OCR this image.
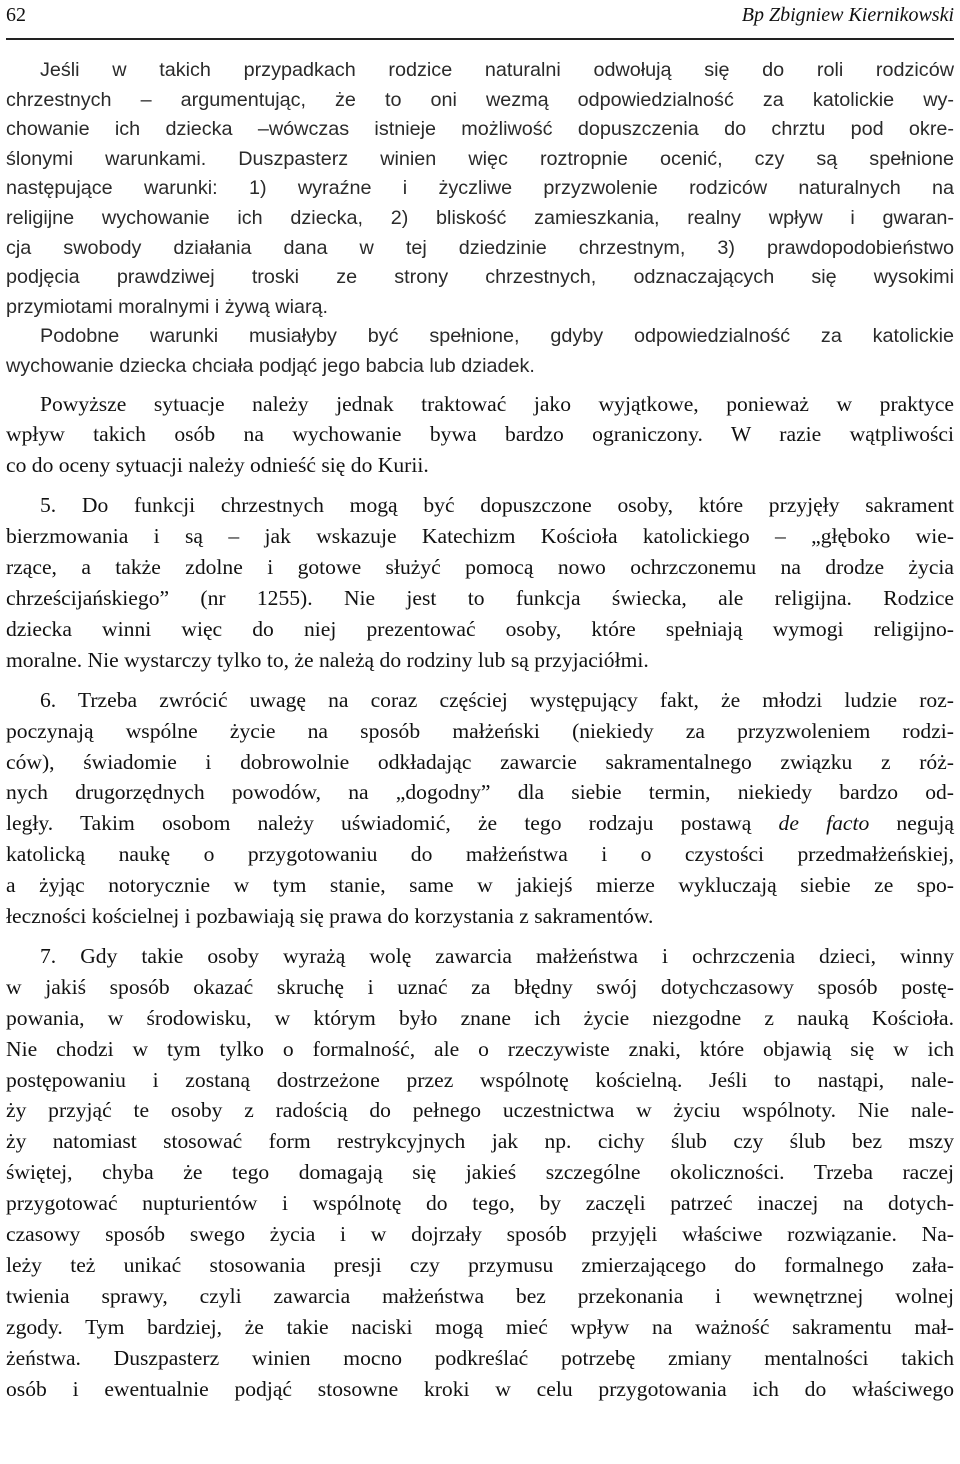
62	Bp Zbigniew Kiernikowski
Jeśli w takich przypadkach rodzice naturalni odwołują się do roli rodziców
chrzestnych – argumentując, że to oni wezmą odpowiedzialność za katolickie wy-
chowanie ich dziecka –wówczas istnieje możliwość dopuszczenia do chrztu pod okre-
ślonymi warunkami. Duszpasterz winien więc roztropnie ocenić, czy są spełnione
następujące warunki: 1) wyraźne i życzliwe przyzwolenie rodziców naturalnych na
religijne wychowanie ich dziecka, 2) bliskość zamieszkania, realny wpływ i gwaran-
cja swobody działania dana w tej dziedzinie chrzestnym, 3) prawdopodobieństwo
podjęcia prawdziwej troski ze strony chrzestnych, odznaczających się wysokimi
przymiotami moralnymi i żywą wiarą.
Podobne warunki musiałyby być spełnione, gdyby odpowiedzialność za katolickie
wychowanie dziecka chciała podjąć jego babcia lub dziadek.
Powyższe sytuacje należy jednak traktować jako wyjątkowe, ponieważ w praktyce
wpływ takich osób na wychowanie bywa bardzo ograniczony. W razie wątpliwości
co do oceny sytuacji należy odnieść się do Kurii.
5. Do funkcji chrzestnych mogą być dopuszczone osoby, które przyjęły sakrament
bierzmowania i są – jak wskazuje Katechizm Kościoła katolickiego – „głęboko wie-
rzące, a także zdolne i gotowe służyć pomocą nowo ochrzczonemu na drodze życia
chrześcijańskiego” (nr 1255). Nie jest to funkcja świecka, ale religijna. Rodzice
dziecka winni więc do niej prezentować osoby, które spełniają wymogi religijno-
moralne. Nie wystarczy tylko to, że należą do rodziny lub są przyjaciółmi.
6. Trzeba zwrócić uwagę na coraz częściej występujący fakt, że młodzi ludzie roz-
poczynają wspólne życie na sposób małżeński (niekiedy za przyzwoleniem rodzi-
ców), świadomie i dobrowolnie odkładając zawarcie sakramentalnego związku z róż-
nych drugorzędnych powodów, na „dogodny” dla siebie termin, niekiedy bardzo od-
legły. Takim osobom należy uświadomić, że tego rodzaju postawą de facto negują
katolicką naukę o przygotowaniu do małżeństwa i o czystości przedmałżeńskiej,
a żyjąc notorycznie w tym stanie, same w jakiejś mierze wykluczają siebie ze spo-
łeczności kościelnej i pozbawiają się prawa do korzystania z sakramentów.
7. Gdy takie osoby wyrażą wolę zawarcia małżeństwa i ochrzczenia dzieci, winny
w jakiś sposób okazać skruchę i uznać za błędny swój dotychczasowy sposób postę-
powania, w środowisku, w którym było znane ich życie niezgodne z nauką Kościoła.
Nie chodzi w tym tylko o formalność, ale o rzeczywiste znaki, które objawią się w ich
postępowaniu i zostaną dostrzeżone przez wspólnotę kościelną. Jeśli to nastąpi, nale-
ży przyjąć te osoby z radością do pełnego uczestnictwa w życiu wspólnoty. Nie nale-
ży natomiast stosować form restrykcyjnych jak np. cichy ślub czy ślub bez mszy
świętej, chyba że tego domagają się jakieś szczególne okoliczności. Trzeba raczej
przygotować nupturientów i wspólnotę do tego, by zaczęli patrzeć inaczej na dotych-
czasowy sposób swego życia i w dojrzały sposób przyjęli właściwe rozwiązanie. Na-
leży też unikać stosowania presji czy przymusu zmierzającego do formalnego zała-
twienia sprawy, czyli zawarcia małżeństwa bez przekonania i wewnętrznej wolnej
zgody. Tym bardziej, że takie naciski mogą mieć wpływ na ważność sakramentu mał-
żeństwa. Duszpasterz winien mocno podkreślać potrzebę zmiany mentalności takich
osób i ewentualnie podjąć stosowne kroki w celu przygotowania ich do właściwego
